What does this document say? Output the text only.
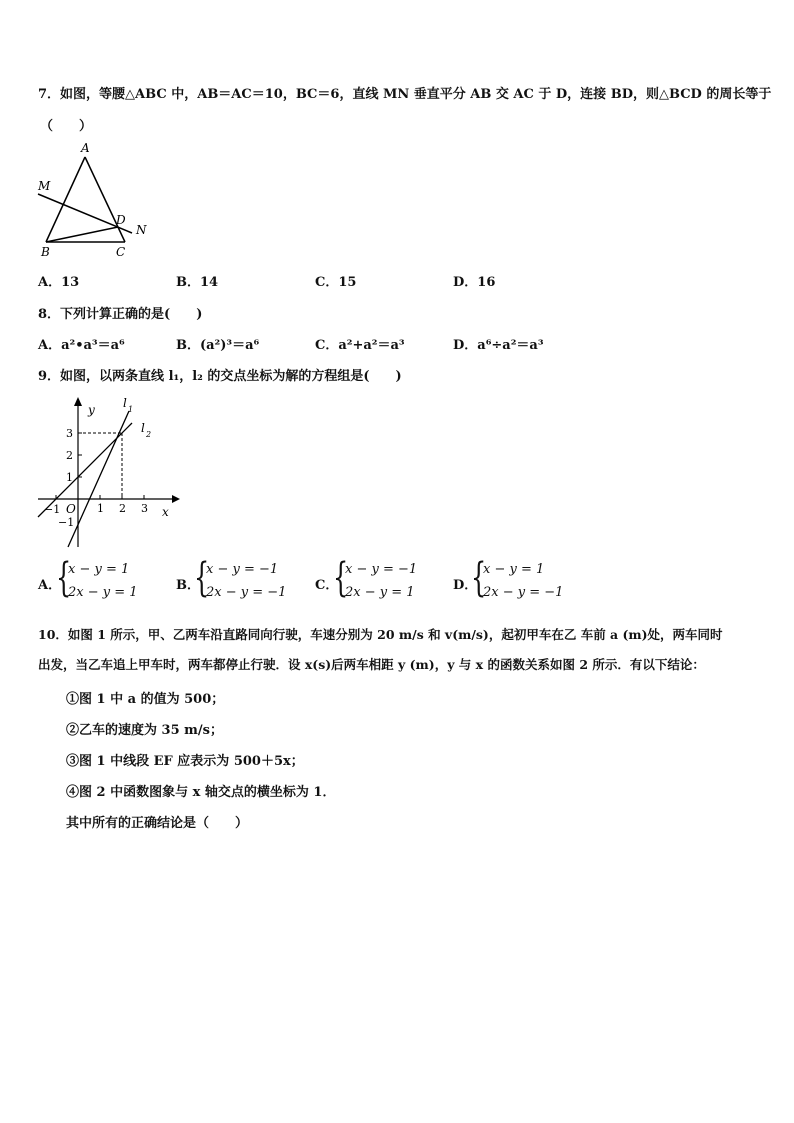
7．如图，等腰△ABC 中，AB＝AC＝10，BC＝6，直线 MN 垂直平分 AB 交 AC 于 D，连接 BD，则△BCD 的周长等于
（　　）
A
M
D
N
B	C
A．13	B．14	C．15	D．16
8．下列计算正确的是(　　)
A．a²•a³＝a⁶	B．(a²)³＝a⁶	C．a²+a²＝a³	D．a⁶÷a²＝a³
9．如图，以两条直线 l₁，l₂ 的交点坐标为解的方程组是(　　)
y
x
O
l 1
l 2
3
2
1
−1
−1	1 2 3
A．
{
x − y = 1
2x − y = 1	B．
{
x − y = −1
2x − y = −1 C．
{
x − y = −1
2x − y = 1	D．
{
x − y = 1
2x − y = −1
10．如图 1 所示，甲、乙两车沿直路同向行驶，车速分别为 20 m/s 和 v(m/s)，起初甲车在乙 车前 a (m)处，两车同时
出发，当乙车追上甲车时，两车都停止行驶．设 x(s)后两车相距 y (m)，y 与 x 的函数关系如图 2 所示．有以下结论：
①图 1 中 a 的值为 500；
②乙车的速度为 35 m/s；
③图 1 中线段 EF 应表示为 500＋5x；
④图 2 中函数图象与 x 轴交点的横坐标为 1．
其中所有的正确结论是（　　）
